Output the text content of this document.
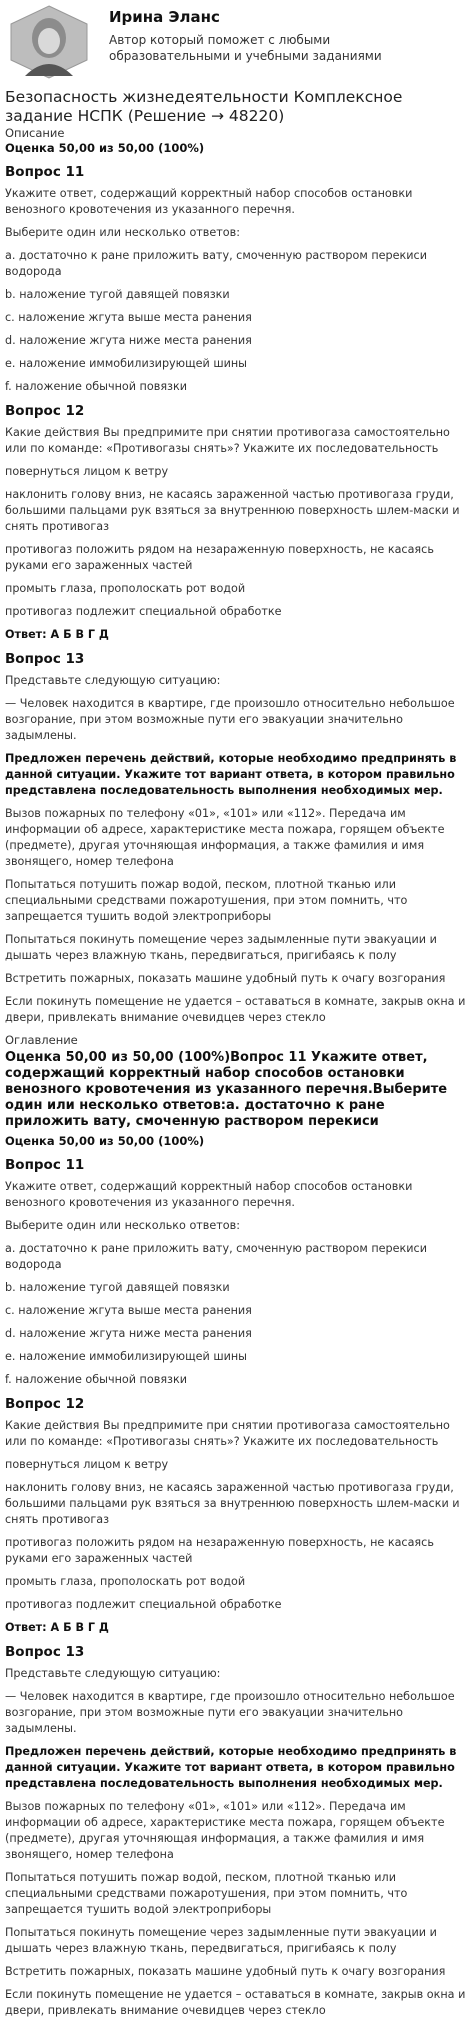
Ирина Эланс
Автор который поможет с любыми образовательными и учебными заданиями
Безопасность жизнедеятельности Комплексное задание НСПК (Решение → 48220)
Описание
Оценка 50,00 из 50,00 (100%)
Вопрос 11
Укажите ответ, содержащий корректный набор способов остановки венозного кровотечения из указанного перечня.
Выберите один или несколько ответов:
a. достаточно к ране приложить вату, смоченную раствором перекиси водорода
b. наложение тугой давящей повязки
c. наложение жгута выше места ранения
d. наложение жгута ниже места ранения
e. наложение иммобилизирующей шины
f. наложение обычной повязки
Вопрос 12
Какие действия Вы предпримите при снятии противогаза самостоятельно или по команде: «Противогазы снять»? Укажите их последовательность
повернуться лицом к ветру
наклонить голову вниз, не касаясь зараженной частью противогаза груди, большими пальцами рук взяться за внутреннюю поверхность шлем-маски и снять противогаз
противогаз положить рядом на незараженную поверхность, не касаясь руками его зараженных частей
промыть глаза, прополоскать рот водой
противогаз подлежит специальной обработке
Ответ: А Б В Г Д
Вопрос 13
Представьте следующую ситуацию:
— Человек находится в квартире, где произошло относительно небольшое возгорание, при этом возможные пути его эвакуации значительно задымлены.
Предложен перечень действий, которые необходимо предпринять в данной ситуации. Укажите тот вариант ответа, в котором правильно представлена последовательность выполнения необходимых мер.
Вызов пожарных по телефону «01», «101» или «112». Передача им информации об адресе, характеристике места пожара, горящем объекте (предмете), другая уточняющая информация, а также фамилия и имя звонящего, номер телефона
Попытаться потушить пожар водой, песком, плотной тканью или специальными средствами пожаротушения, при этом помнить, что запрещается тушить водой электроприборы
Попытаться покинуть помещение через задымленные пути эвакуации и дышать через влажную ткань, передвигаться, пригибаясь к полу
Встретить пожарных, показать машине удобный путь к очагу возгорания
Если покинуть помещение не удается – оставаться в комнате, закрыв окна и двери, привлекать внимание очевидцев через стекло
Оглавление
Оценка 50,00 из 50,00 (100%)Вопрос 11 Укажите ответ, содержащий корректный набор способов остановки венозного кровотечения из указанного перечня.Выберите один или несколько ответов:a. достаточно к ране приложить вату, смоченную раствором перекиси
Оценка 50,00 из 50,00 (100%)
Вопрос 11
Укажите ответ, содержащий корректный набор способов остановки венозного кровотечения из указанного перечня.
Выберите один или несколько ответов:
a. достаточно к ране приложить вату, смоченную раствором перекиси водорода
b. наложение тугой давящей повязки
c. наложение жгута выше места ранения
d. наложение жгута ниже места ранения
e. наложение иммобилизирующей шины
f. наложение обычной повязки
Вопрос 12
Какие действия Вы предпримите при снятии противогаза самостоятельно или по команде: «Противогазы снять»? Укажите их последовательность
повернуться лицом к ветру
наклонить голову вниз, не касаясь зараженной частью противогаза груди, большими пальцами рук взяться за внутреннюю поверхность шлем-маски и снять противогаз
противогаз положить рядом на незараженную поверхность, не касаясь руками его зараженных частей
промыть глаза, прополоскать рот водой
противогаз подлежит специальной обработке
Ответ: А Б В Г Д
Вопрос 13
Представьте следующую ситуацию:
— Человек находится в квартире, где произошло относительно небольшое возгорание, при этом возможные пути его эвакуации значительно задымлены.
Предложен перечень действий, которые необходимо предпринять в данной ситуации. Укажите тот вариант ответа, в котором правильно представлена последовательность выполнения необходимых мер.
Вызов пожарных по телефону «01», «101» или «112». Передача им информации об адресе, характеристике места пожара, горящем объекте (предмете), другая уточняющая информация, а также фамилия и имя звонящего, номер телефона
Попытаться потушить пожар водой, песком, плотной тканью или специальными средствами пожаротушения, при этом помнить, что запрещается тушить водой электроприборы
Попытаться покинуть помещение через задымленные пути эвакуации и дышать через влажную ткань, передвигаться, пригибаясь к полу
Встретить пожарных, показать машине удобный путь к очагу возгорания
Если покинуть помещение не удается – оставаться в комнате, закрыв окна и двери, привлекать внимание очевидцев через стекло
